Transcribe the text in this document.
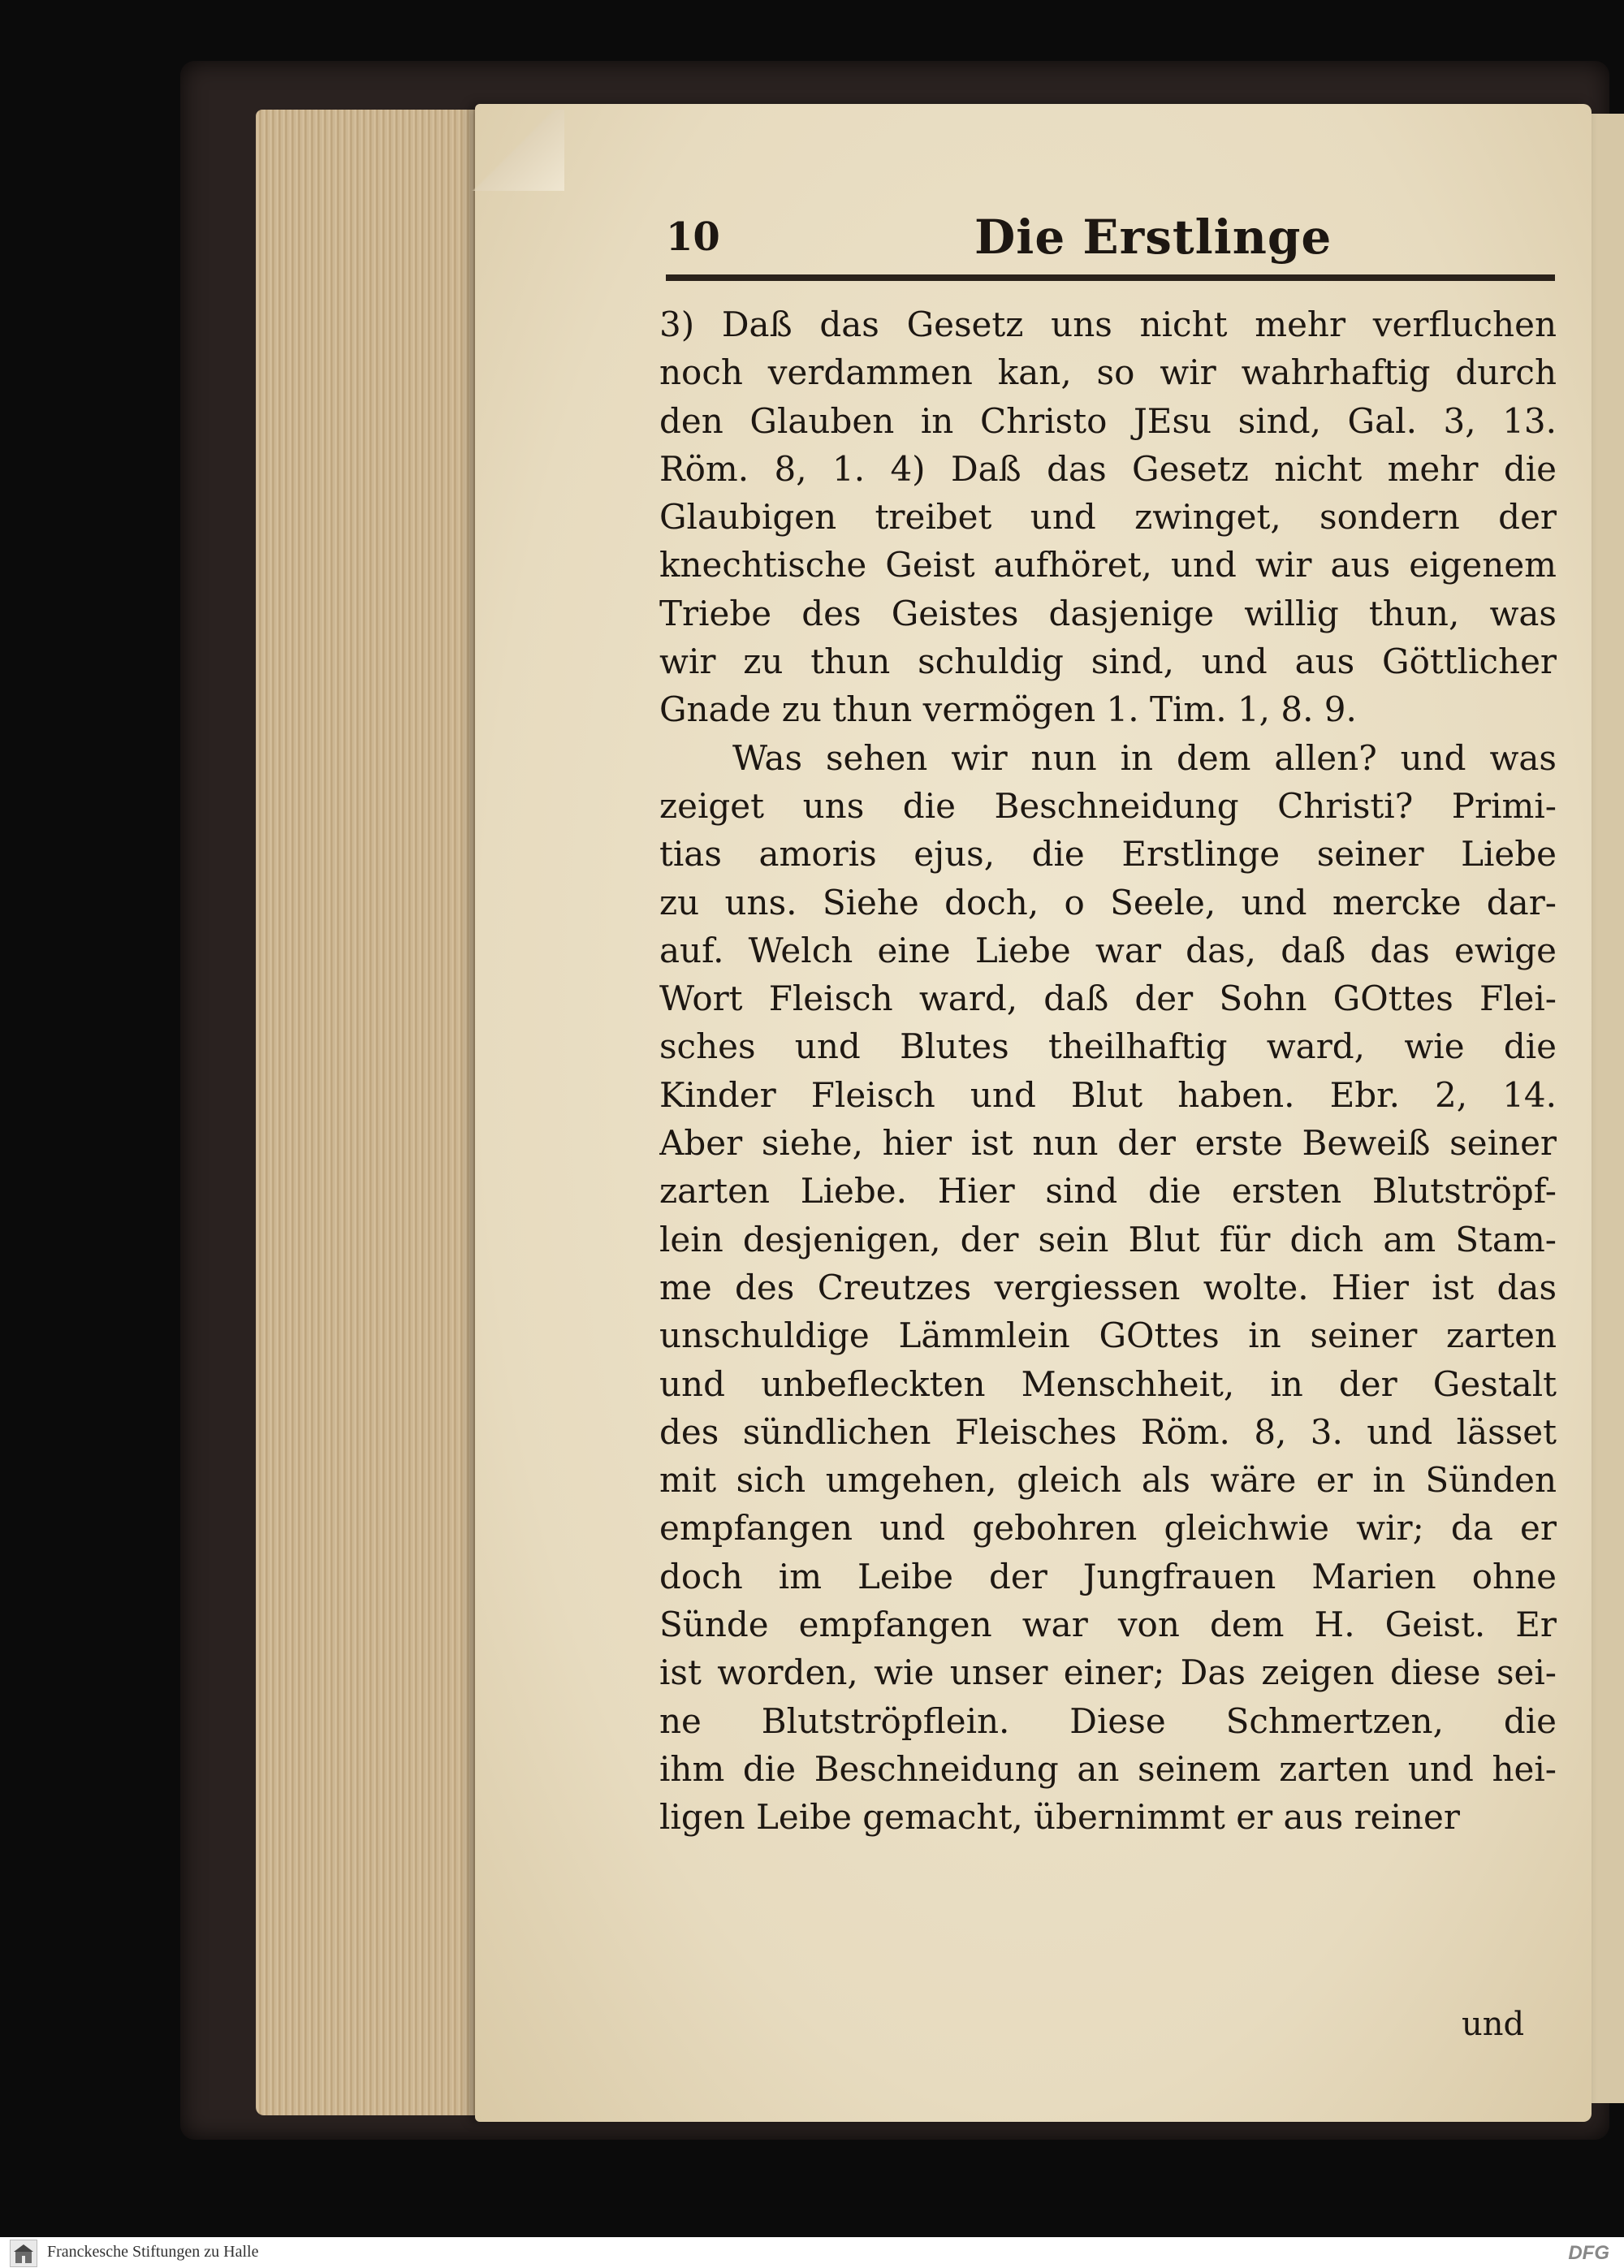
10	Die Erstlinge
3) Daß das Gesetz uns nicht mehr verfluchen
noch verdammen kan, so wir wahrhaftig durch
den Glauben in Christo JEsu sind, Gal. 3, 13.
Röm. 8, 1. 4) Daß das Gesetz nicht mehr die
Glaubigen treibet und zwinget, sondern der
knechtische Geist aufhöret, und wir aus eigenem
Triebe des Geistes dasjenige willig thun, was
wir zu thun schuldig sind, und aus Göttlicher
Gnade zu thun vermögen 1. Tim. 1, 8. 9.
Was sehen wir nun in dem allen? und was
zeiget uns die Beschneidung Christi? Primi-
tias amoris ejus, die Erstlinge seiner Liebe
zu uns. Siehe doch, o Seele, und mercke dar-
auf. Welch eine Liebe war das, daß das ewige
Wort Fleisch ward, daß der Sohn GOttes Flei-
sches und Blutes theilhaftig ward, wie die
Kinder Fleisch und Blut haben. Ebr. 2, 14.
Aber siehe, hier ist nun der erste Beweiß seiner
zarten Liebe. Hier sind die ersten Blutströpf-
lein desjenigen, der sein Blut für dich am Stam-
me des Creutzes vergiessen wolte. Hier ist das
unschuldige Lämmlein GOttes in seiner zarten
und unbefleckten Menschheit, in der Gestalt
des sündlichen Fleisches Röm. 8, 3. und lässet
mit sich umgehen, gleich als wäre er in Sünden
empfangen und gebohren gleichwie wir; da er
doch im Leibe der Jungfrauen Marien ohne
Sünde empfangen war von dem H. Geist. Er
ist worden, wie unser einer; Das zeigen diese sei-
ne Blutströpflein. Diese Schmertzen, die
ihm die Beschneidung an seinem zarten und hei-
ligen Leibe gemacht, übernimmt er aus reiner
und
Franckesche Stiftungen zu Halle	DFG
